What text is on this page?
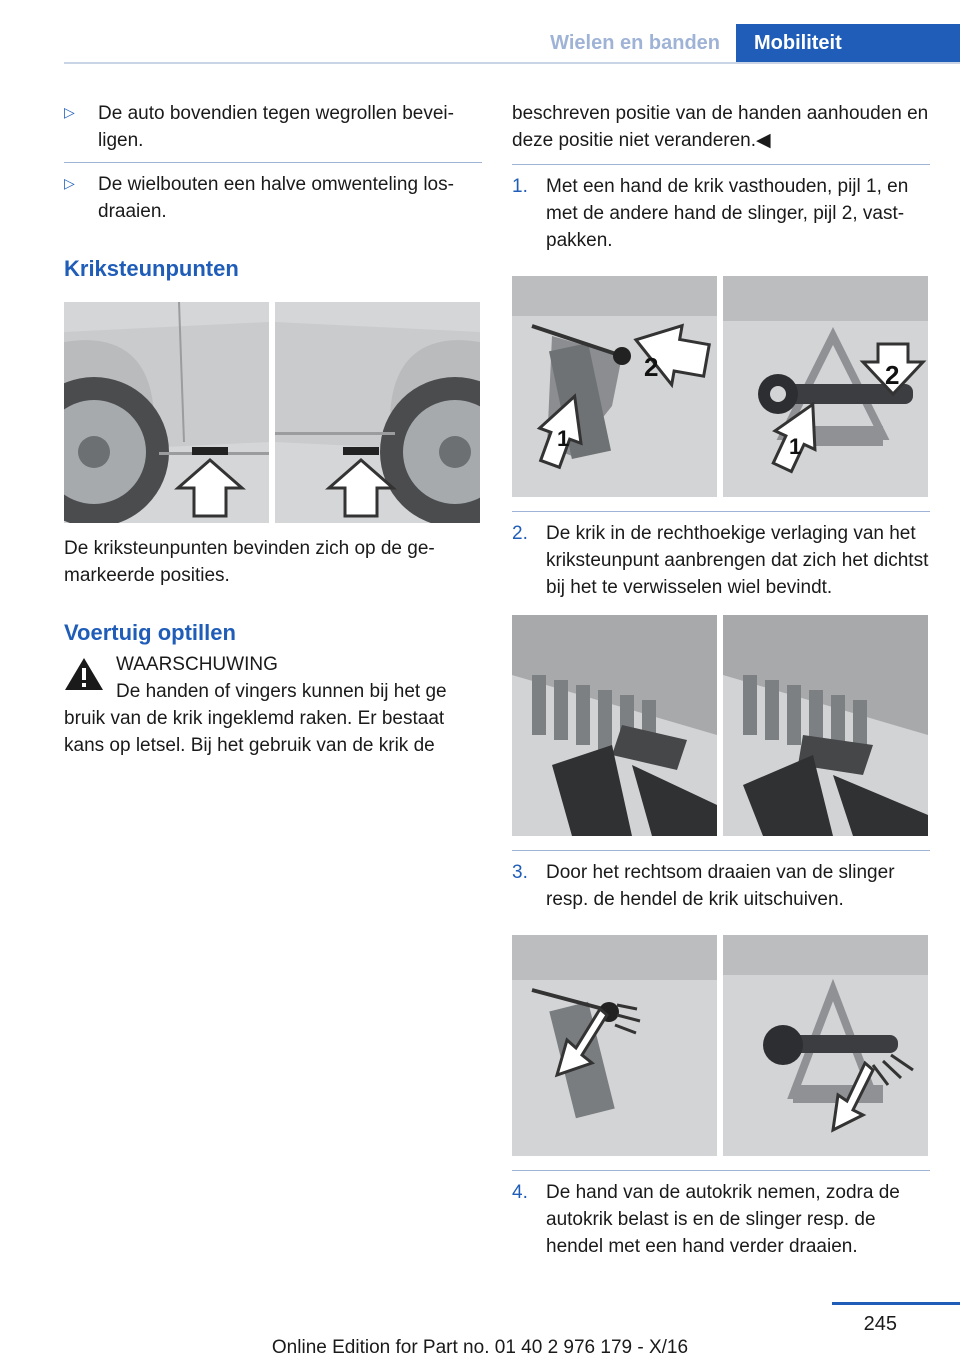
Wielen en banden	Mobiliteit
▷	De auto bovendien tegen wegrollen beveiligen.
▷	De wielbouten een halve omwenteling losdraaien.
Kriksteunpunten

De kriksteunpunten bevinden zich op de gemarkeerde posities.

Voertuig optillen

WAARSCHUWING

De handen of vingers kunnen bij het ge

bruik van de krik ingeklemd raken. Er bestaat kans op letsel. Bij het gebruik van de krik de

beschreven positie van de handen aanhouden en deze positie niet veranderen.◀

1. Met een hand de krik vasthouden, pijl 1, en met de andere hand de slinger, pijl 2, vastpakken.
2
1
2
1
2. De krik in de rechthoekige verlaging van het kriksteunpunt aanbrengen dat zich het dichtst bij het te verwisselen wiel bevindt.
3. Door het rechtsom draaien van de slinger resp. de hendel de krik uitschuiven.
4. De hand van de autokrik nemen, zodra de autokrik belast is en de slinger resp. de hendel met een hand verder draaien.
245
Online Edition for Part no. 01 40 2 976 179 - X/16
